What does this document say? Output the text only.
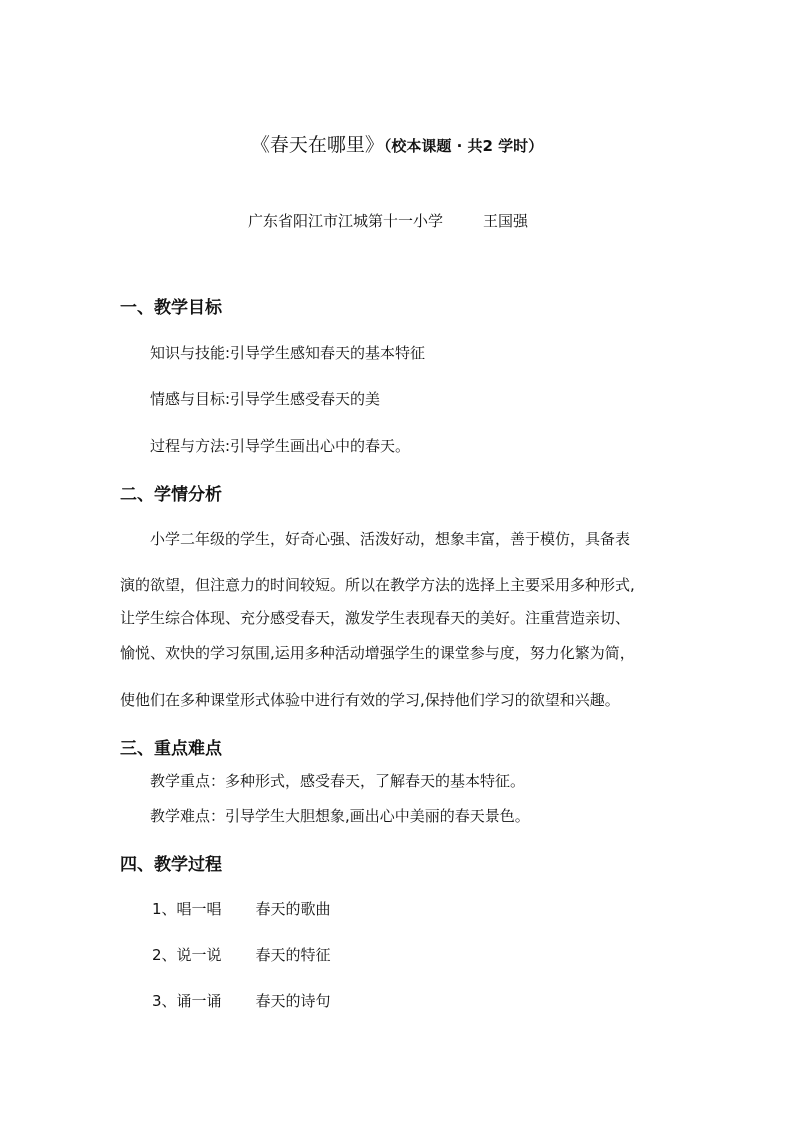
《春天在哪里》（校本课题 · 共2 学时）
广东省阳江市江城第十一小学	王国强
一、教学目标
知识与技能:引导学生感知春天的基本特征
情感与目标:引导学生感受春天的美
过程与方法:引导学生画出心中的春天。
二、学情分析
小学二年级的学生，好奇心强、活泼好动，想象丰富，善于模仿，具备表
演的欲望，但注意力的时间较短。所以在教学方法的选择上主要采用多种形式,
让学生综合体现、充分感受春天，激发学生表现春天的美好。注重营造亲切、
愉悦、欢快的学习氛围,运用多种活动增强学生的课堂参与度，努力化繁为简，
使他们在多种课堂形式体验中进行有效的学习,保持他们学习的欲望和兴趣。
三、重点难点
教学重点：多种形式，感受春天，了解春天的基本特征。
教学难点：引导学生大胆想象,画出心中美丽的春天景色。
四、教学过程
1、唱一唱 春天的歌曲
2、说一说 春天的特征
3、诵一诵 春天的诗句
